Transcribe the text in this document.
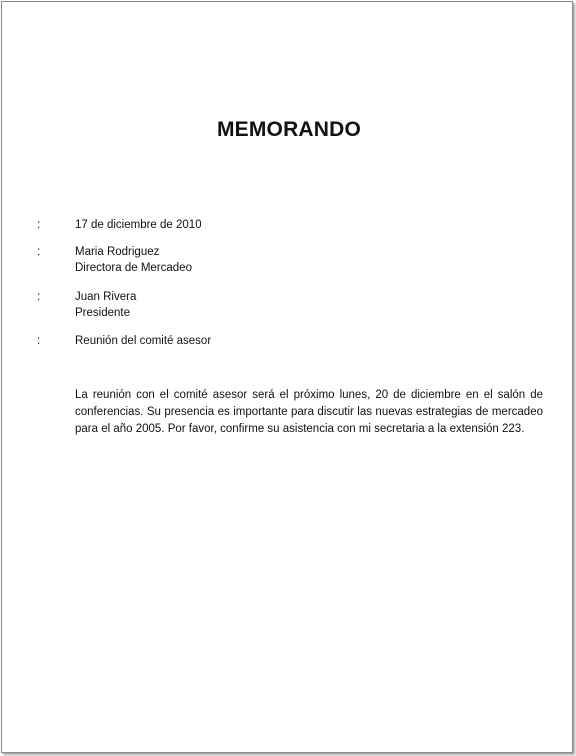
MEMORANDO
:	17 de diciembre de 2010
:	Maria Rodriguez
Directora de Mercadeo
:	Juan Rivera
Presidente
:	Reunión del comité asesor

La reunión con el comité asesor será el próximo lunes, 20 de diciembre en el salón de conferencias. Su presencia es importante para discutir las nuevas estrategias de mercadeo para el año 2005. Por favor, confirme su asistencia con mi secretaria a la extensión 223.
